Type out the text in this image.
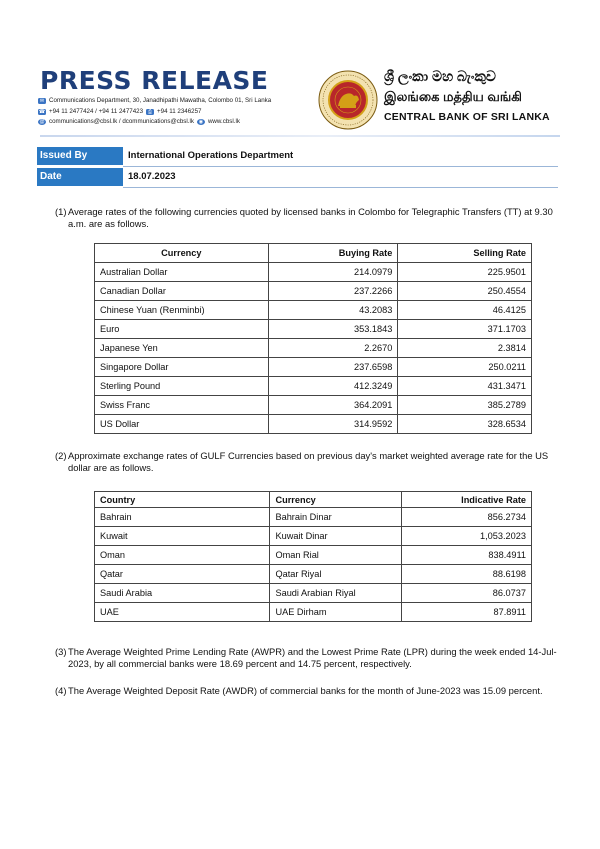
PRESS RELEASE
✉ Communications Department, 30, Janadhipathi Mawatha, Colombo 01, Sri Lanka
☎ +94 11 2477424 / +94 11 2477423 ⎙ +94 11 2346257
@ communications@cbsl.lk / dcommunications@cbsl.lk ◉ www.cbsl.lk
ශ්‍රී ලංකා මහ බැංකුව
இலங்கை மத்திய வங்கி
CENTRAL BANK OF SRI LANKA
Issued By	International Operations Department
Date	18.07.2023
(1) Average rates of the following currencies quoted by licensed banks in Colombo for Telegraphic Transfers (TT) at 9.30 a.m. are as follows.
Currency	Buying Rate	Selling Rate
Australian Dollar	214.0979	225.9501
Canadian Dollar	237.2266	250.4554
Chinese Yuan (Renminbi)	43.2083	46.4125
Euro	353.1843	371.1703
Japanese Yen	2.2670	2.3814
Singapore Dollar	237.6598	250.0211
Sterling Pound	412.3249	431.3471
Swiss Franc	364.2091	385.2789
US Dollar	314.9592	328.6534
(2) Approximate exchange rates of GULF Currencies based on previous day's market weighted average rate for the US dollar are as follows.
Country	Currency	Indicative Rate
Bahrain	Bahrain Dinar	856.2734
Kuwait	Kuwait Dinar	1,053.2023
Oman	Oman Rial	838.4911
Qatar	Qatar Riyal	88.6198
Saudi Arabia	Saudi Arabian Riyal	86.0737
UAE	UAE Dirham	87.8911
(3) The Average Weighted Prime Lending Rate (AWPR) and the Lowest Prime Rate (LPR) during the week ended 14-Jul-2023, by all commercial banks were 18.69 percent and 14.75 percent, respectively.
(4) The Average Weighted Deposit Rate (AWDR) of commercial banks for the month of June-2023 was 15.09 percent.
